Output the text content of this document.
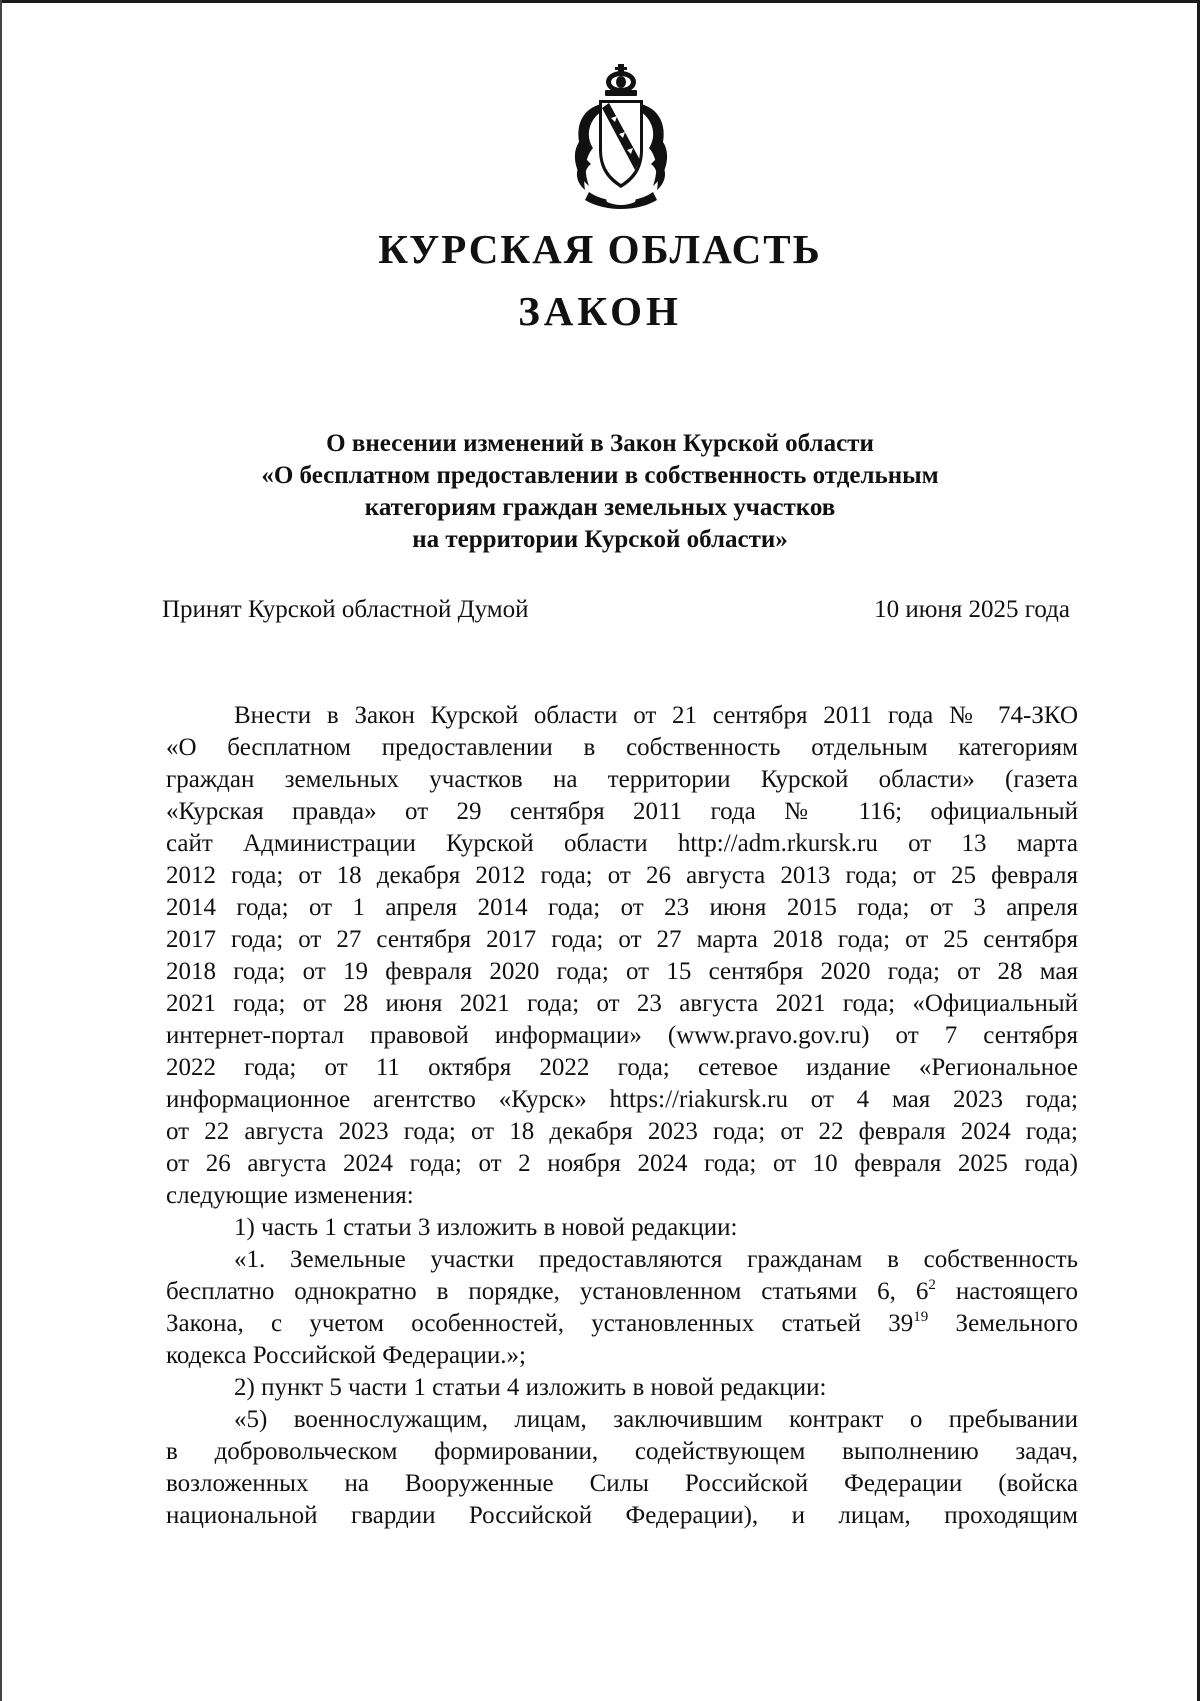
КУРСКАЯ ОБЛАСТЬ
ЗАКОН
О внесении изменений в Закон Курской области
«О бесплатном предоставлении в собственность отдельным
категориям граждан земельных участков
на территории Курской области»
Принят Курской областной Думой	10 июня 2025 года
Внести в Закон Курской области от 21 сентября 2011 года № 74-ЗКО
«О бесплатном предоставлении в собственность отдельным категориям
граждан земельных участков на территории Курской области» (газета
«Курская правда» от 29 сентября 2011 года № 116; официальный
сайт Администрации Курской области http://adm.rkursk.ru от 13 марта
2012 года; от 18 декабря 2012 года; от 26 августа 2013 года; от 25 февраля
2014 года; от 1 апреля 2014 года; от 23 июня 2015 года; от 3 апреля
2017 года; от 27 сентября 2017 года; от 27 марта 2018 года; от 25 сентября
2018 года; от 19 февраля 2020 года; от 15 сентября 2020 года; от 28 мая
2021 года; от 28 июня 2021 года; от 23 августа 2021 года; «Официальный
интернет-портал правовой информации» (www.pravo.gov.ru) от 7 сентября
2022 года; от 11 октября 2022 года; сетевое издание «Региональное
информационное агентство «Курск» https://riakursk.ru от 4 мая 2023 года;
от 22 августа 2023 года; от 18 декабря 2023 года; от 22 февраля 2024 года;
от 26 августа 2024 года; от 2 ноября 2024 года; от 10 февраля 2025 года)
следующие изменения:
1) часть 1 статьи 3 изложить в новой редакции:
«1. Земельные участки предоставляются гражданам в собственность
бесплатно однократно в порядке, установленном статьями 6, $6^2$ настоящего
Закона, с учетом особенностей, установленных статьей $39^{19}$ Земельного
кодекса Российской Федерации.»;
2) пункт 5 части 1 статьи 4 изложить в новой редакции:
«5) военнослужащим, лицам, заключившим контракт о пребывании
в добровольческом формировании, содействующем выполнению задач,
возложенных на Вооруженные Силы Российской Федерации (войска
национальной гвардии Российской Федерации), и лицам, проходящим
